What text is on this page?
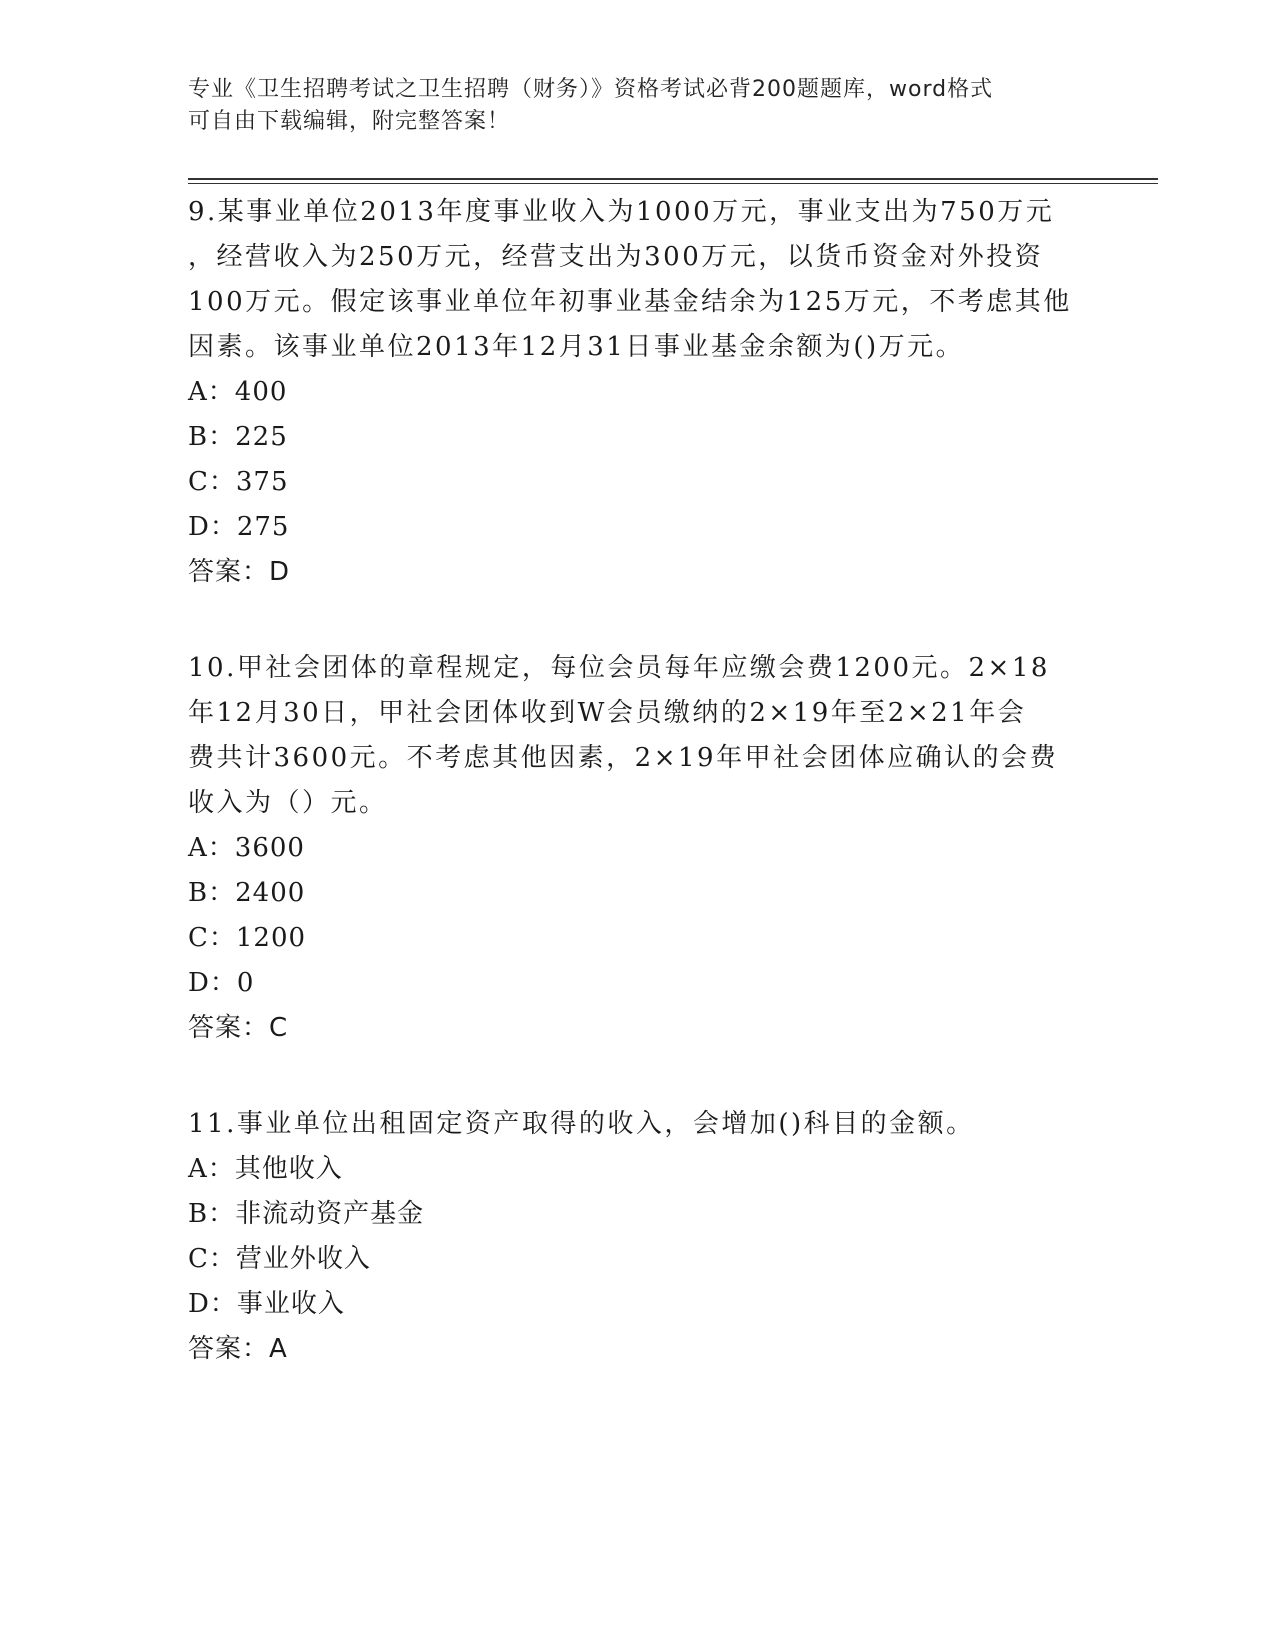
专业《卫生招聘考试之卫生招聘（财务）》资格考试必背200题题库，word格式
可自由下载编辑，附完整答案！

9.某事业单位2013年度事业收入为1000万元，事业支出为750万元

，经营收入为250万元，经营支出为300万元，以货币资金对外投资

100万元。假定该事业单位年初事业基金结余为125万元，不考虑其他

因素。该事业单位2013年12月31日事业基金余额为()万元。

A：400

B：225

C：375

D：275

答案：D

10.甲社会团体的章程规定，每位会员每年应缴会费1200元。2×18

年12月30日，甲社会团体收到W会员缴纳的2×19年至2×21年会

费共计3600元。不考虑其他因素，2×19年甲社会团体应确认的会费

收入为（）元。

A：3600

B：2400

C：1200

D：0

答案：C

11.事业单位出租固定资产取得的收入，会增加()科目的金额。

A：其他收入

B：非流动资产基金

C：营业外收入

D：事业收入

答案：A
